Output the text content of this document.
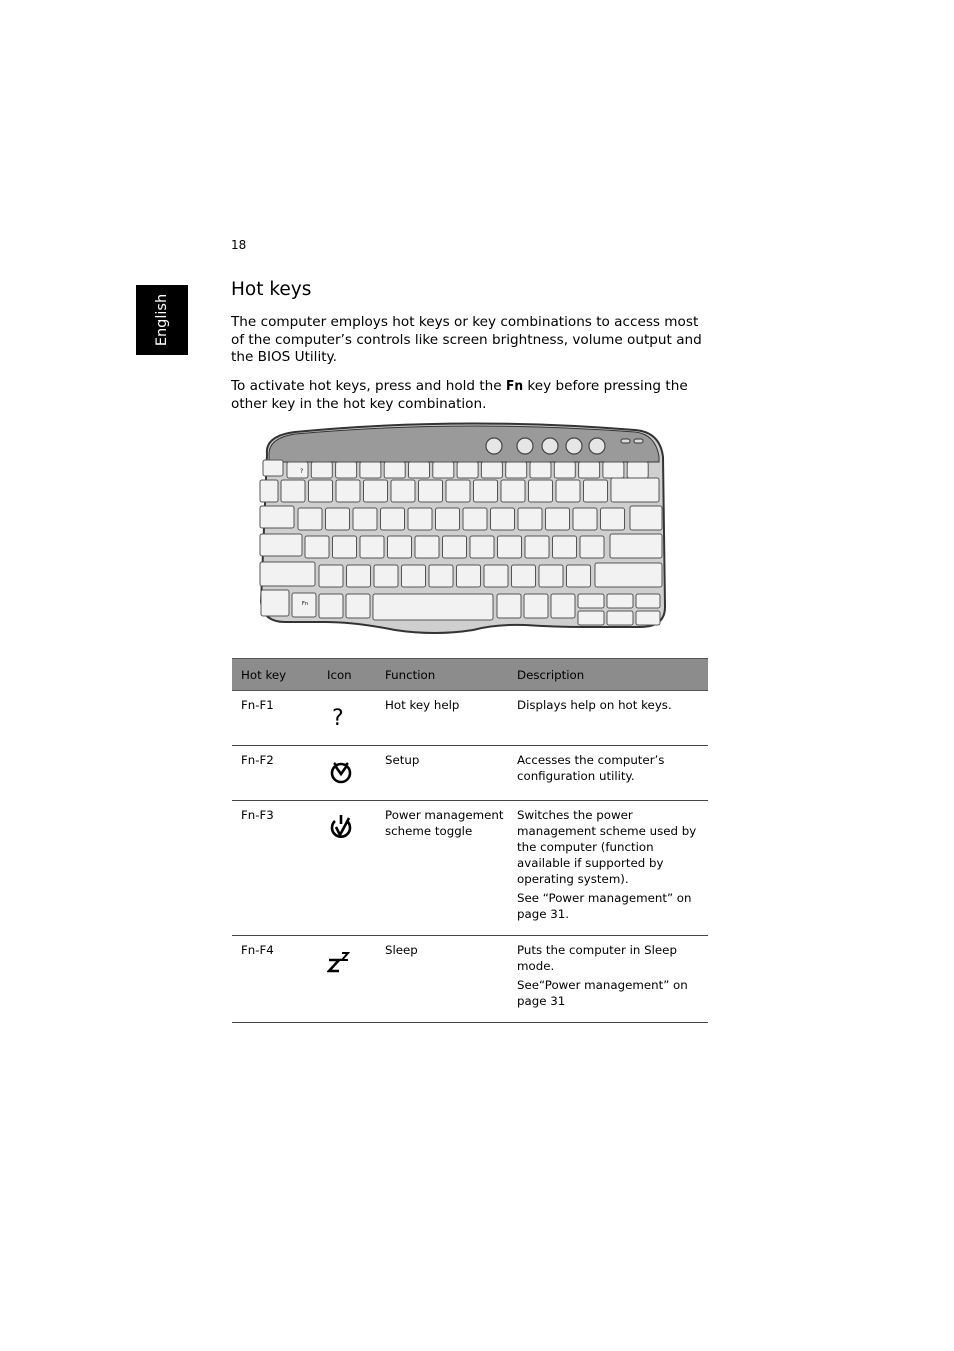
18
English
Hot keys

The computer employs hot keys or key combinations to access most of the computer’s controls like screen brightness, volume output and the BIOS Utility.

To activate hot keys, press and hold the Fn key before pressing the other key in the hot key combination.

Fn
?
Hot key	Icon	Function	Description
Fn-F1	?	Hot key help	Displays help on hot keys.

Fn-F2		Setup	Accesses the computer’s configuration utility.

Fn-F3		Power management scheme toggle	Switches the power management scheme used by the computer (function available if supported by operating system).

See “Power management” on page 31.

Fn-F4		Sleep	Puts the computer in Sleep mode.

See“Power management” on page 31
